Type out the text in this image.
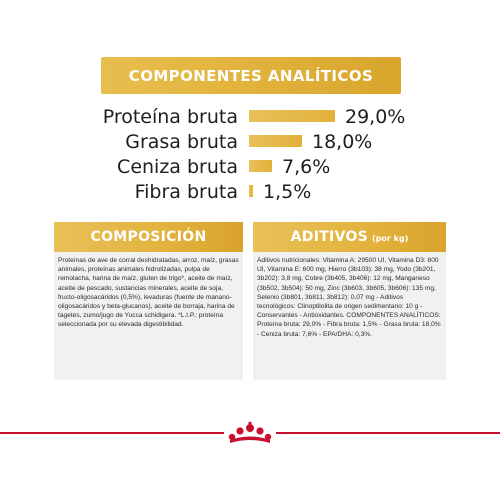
COMPONENTES ANALÍTICOS
Proteína bruta	29,0%
Grasa bruta	18,0%
Ceniza bruta 7,6%
Fibra bruta 1,5%
COMPOSICIÓN
Proteínas de ave de corral deshidratadas, arroz, maíz, grasas animales, proteínas animales hidrolizadas, pulpa de remolacha, harina de maíz, gluten de trigo*, aceite de maíz, aceite de pescado, sustancias minerales, aceite de soja, fructo-oligosacáridos (0,5%), levaduras (fuente de manano-oligosacáridos y beta-glucanos), aceite de borraja, harina de tagetes, zumo/jugo de Yucca schidigera. *L.I.P.: proteína seleccionada por su elevada digestibilidad.
ADITIVOS (por kg)
Aditivos nutricionales: Vitamina A: 29500 UI, Vitamina D3: 800 UI, Vitamina E: 600 mg, Hierro (3b103): 38 mg, Yodo (3b201, 3b202): 3,8 mg, Cobre (3b405, 3b406): 12 mg, Manganeso (3b502, 3b504): 50 mg, Zinc (3b603, 3b605, 3b606): 135 mg, Selenio (3b801, 3b811, 3b812): 0,07 mg - Aditivos tecnológicos: Clinoptilolita de origen sedimentario: 10 g - Conservantes - Antioxidantes. COMPONENTES ANALÍTICOS: Proteína bruta: 29,0% - Fibra bruta: 1,5% - Grasa bruta: 18,0% - Ceniza bruta: 7,6% - EPA/DHA: 0,3%.
